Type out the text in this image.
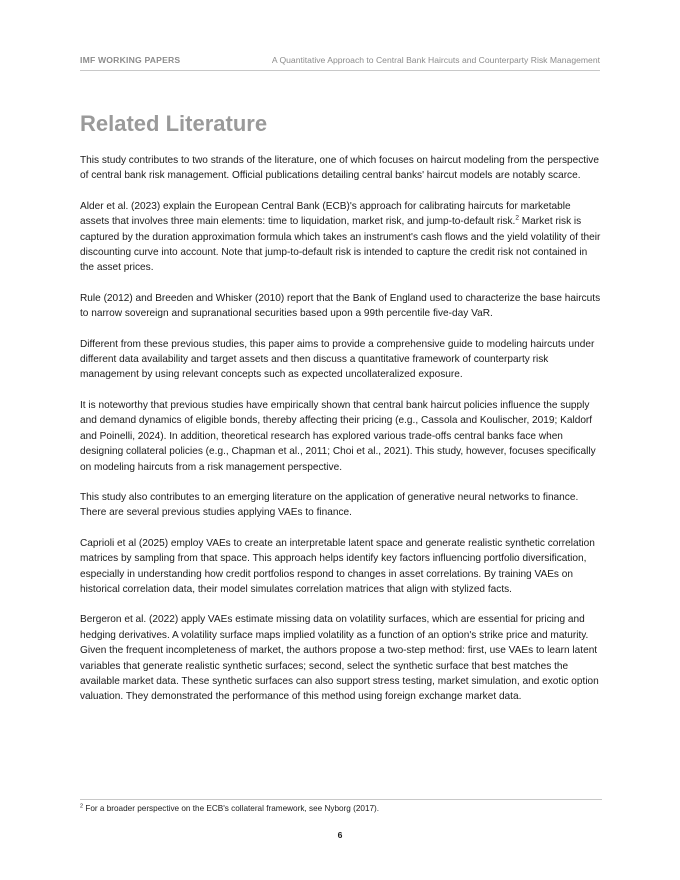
IMF WORKING PAPERS	A Quantitative Approach to Central Bank Haircuts and Counterparty Risk Management
Related Literature

This study contributes to two strands of the literature, one of which focuses on haircut modeling from the perspective of central bank risk management. Official publications detailing central banks' haircut models are notably scarce.

Alder et al. (2023) explain the European Central Bank (ECB)'s approach for calibrating haircuts for marketable assets that involves three main elements: time to liquidation, market risk, and jump-to-default risk.$^2$ Market risk is captured by the duration approximation formula which takes an instrument's cash flows and the yield volatility of their discounting curve into account. Note that jump-to-default risk is intended to capture the credit risk not contained in the asset prices.

Rule (2012) and Breeden and Whisker (2010) report that the Bank of England used to characterize the base haircuts to narrow sovereign and supranational securities based upon a 99th percentile five-day VaR.

Different from these previous studies, this paper aims to provide a comprehensive guide to modeling haircuts under different data availability and target assets and then discuss a quantitative framework of counterparty risk management by using relevant concepts such as expected uncollateralized exposure.

It is noteworthy that previous studies have empirically shown that central bank haircut policies influence the supply and demand dynamics of eligible bonds, thereby affecting their pricing (e.g., Cassola and Koulischer, 2019; Kaldorf and Poinelli, 2024). In addition, theoretical research has explored various trade-offs central banks face when designing collateral policies (e.g., Chapman et al., 2011; Choi et al., 2021). This study, however, focuses specifically on modeling haircuts from a risk management perspective.

This study also contributes to an emerging literature on the application of generative neural networks to finance. There are several previous studies applying VAEs to finance.

Caprioli et al (2025) employ VAEs to create an interpretable latent space and generate realistic synthetic correlation matrices by sampling from that space. This approach helps identify key factors influencing portfolio diversification, especially in understanding how credit portfolios respond to changes in asset correlations. By training VAEs on historical correlation data, their model simulates correlation matrices that align with stylized facts.

Bergeron et al. (2022) apply VAEs estimate missing data on volatility surfaces, which are essential for pricing and hedging derivatives. A volatility surface maps implied volatility as a function of an option's strike price and maturity. Given the frequent incompleteness of market, the authors propose a two-step method: first, use VAEs to learn latent variables that generate realistic synthetic surfaces; second, select the synthetic surface that best matches the available market data. These synthetic surfaces can also support stress testing, market simulation, and exotic option valuation. They demonstrated the performance of this method using foreign exchange market data.

$^2$ For a broader perspective on the ECB's collateral framework, see Nyborg (2017).
6
